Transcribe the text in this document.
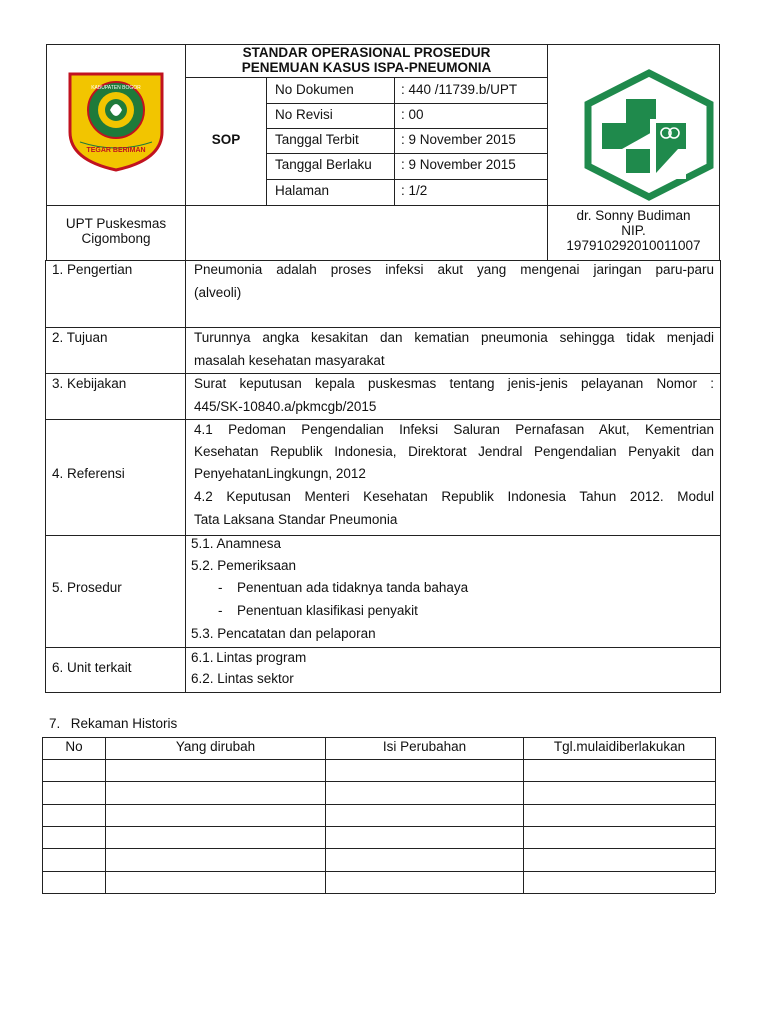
KABUPATEN BOGOR
TEGAR BERIMAN
STANDAR OPERASIONAL PROSEDUR
PENEMUAN KASUS ISPA-PNEUMONIA
SOP
No Dokumen	: 440 /11739.b/UPT
No Revisi	: 00
Tanggal Terbit	: 9 November 2015
Tanggal Berlaku : 9 November 2015
Halaman	: 1/2
UPT Puskesmas
Cigombong
dr. Sonny Budiman
NIP.
197910292010011007
1. Pengertian	Pneumonia adalah proses infeksi akut yang mengenai jaringan paru-paru
(alveoli)
2. Tujuan	Turunnya angka kesakitan dan kematian pneumonia sehingga tidak menjadi
masalah kesehatan masyarakat
3. Kebijakan	Surat keputusan kepala puskesmas tentang jenis-jenis pelayanan Nomor :
445/SK-10840.a/pkmcgb/2015
4. Referensi
4.1 Pedoman Pengendalian Infeksi Saluran Pernafasan Akut, Kementrian
Kesehatan Republik Indonesia, Direktorat Jendral Pengendalian Penyakit dan
PenyehatanLingkungn, 2012
4.2 Keputusan Menteri Kesehatan Republik Indonesia Tahun 2012. Modul
Tata Laksana Standar Pneumonia
5. Prosedur
5.1. Anamnesa
5.2. Pemeriksaan
- Penentuan ada tidaknya tanda bahaya
- Penentuan klasifikasi penyakit
5.3. Pencatatan dan pelaporan
6. Unit terkait
6.1. Lintas program
6.2. Lintas sektor
7.  Rekaman Historis
No	Yang dirubah	Isi Perubahan	Tgl.mulaidiberlakukan
